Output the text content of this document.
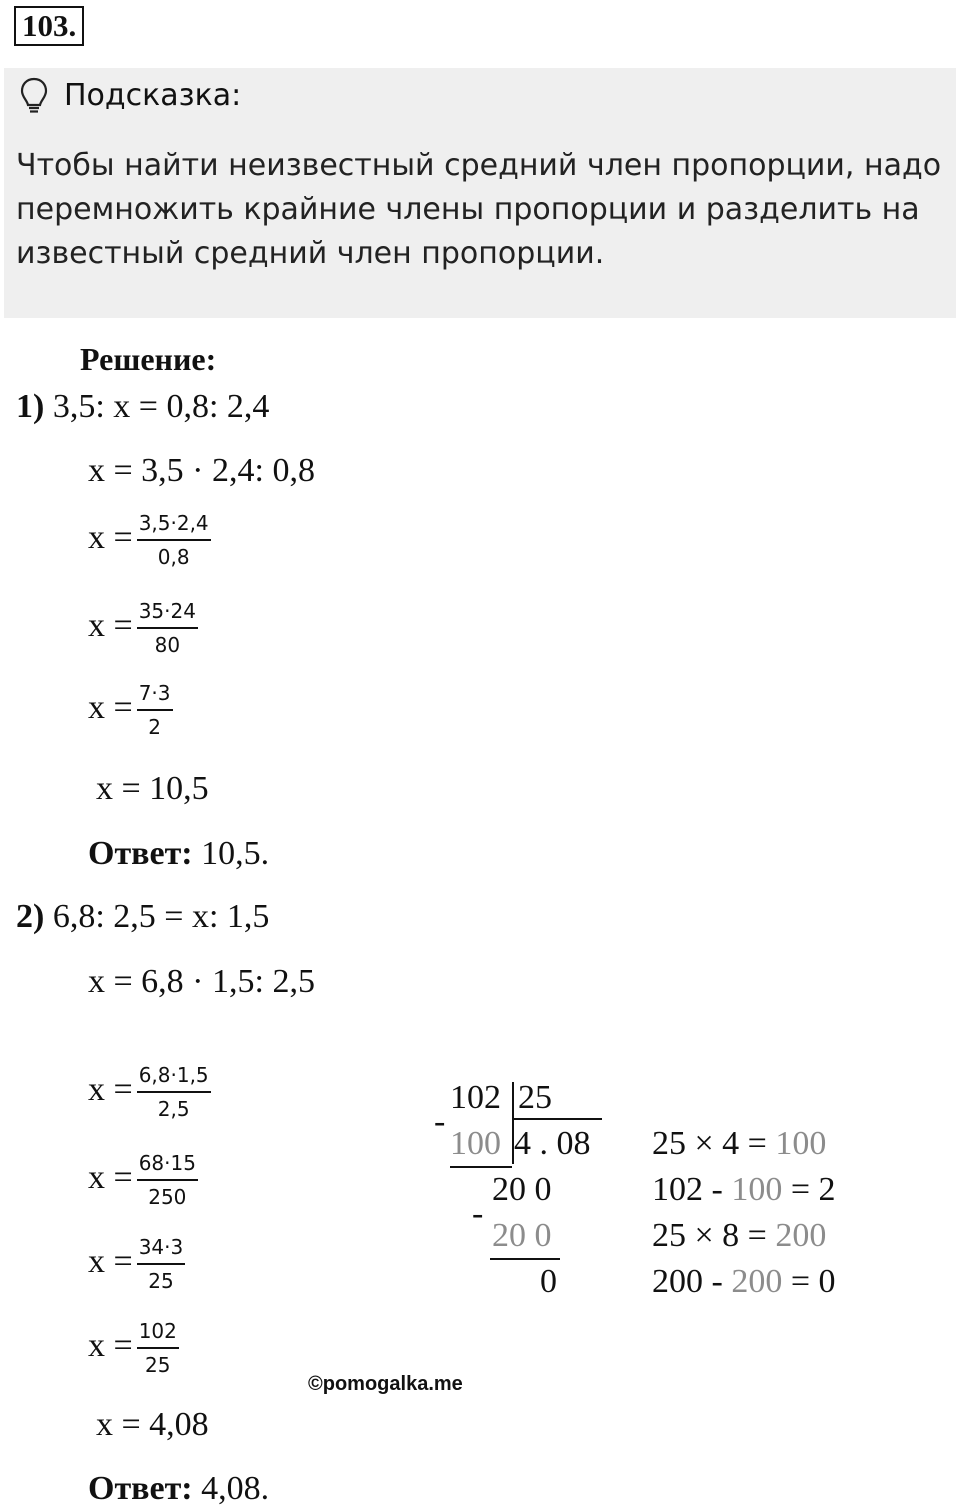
103.
Подсказка:
Чтобы найти неизвестный средний член пропорции, надо перемножить крайние члены пропорции и разделить на известный средний член пропорции.
Решение:
1) 3,5: x = 0,8: 2,4
x = 3,5 · 2,4: 0,8
$x = \frac{3,5\cdot 2,4}{0,8}$
$x = \frac{35\cdot 24}{80}$
$x = \frac{7\cdot 3}{2}$
x = 10,5
Ответ: 10,5.
2) 6,8: 2,5 = x: 1,5
x = 6,8 · 1,5: 2,5
$x = \frac{6,8\cdot 1,5}{2,5}$
$x = \frac{68\cdot 15}{250}$
$x = \frac{34\cdot 3}{25}$
$x = \frac{102}{25}$
x = 4,08
Ответ: 4,08.
102 25
-
100 4 . 08
20 0
-
20 0
0
25 × 4 = 100
102 - 100 = 2
25 × 8 = 200
200 - 200 = 0
©pomogalka.me
